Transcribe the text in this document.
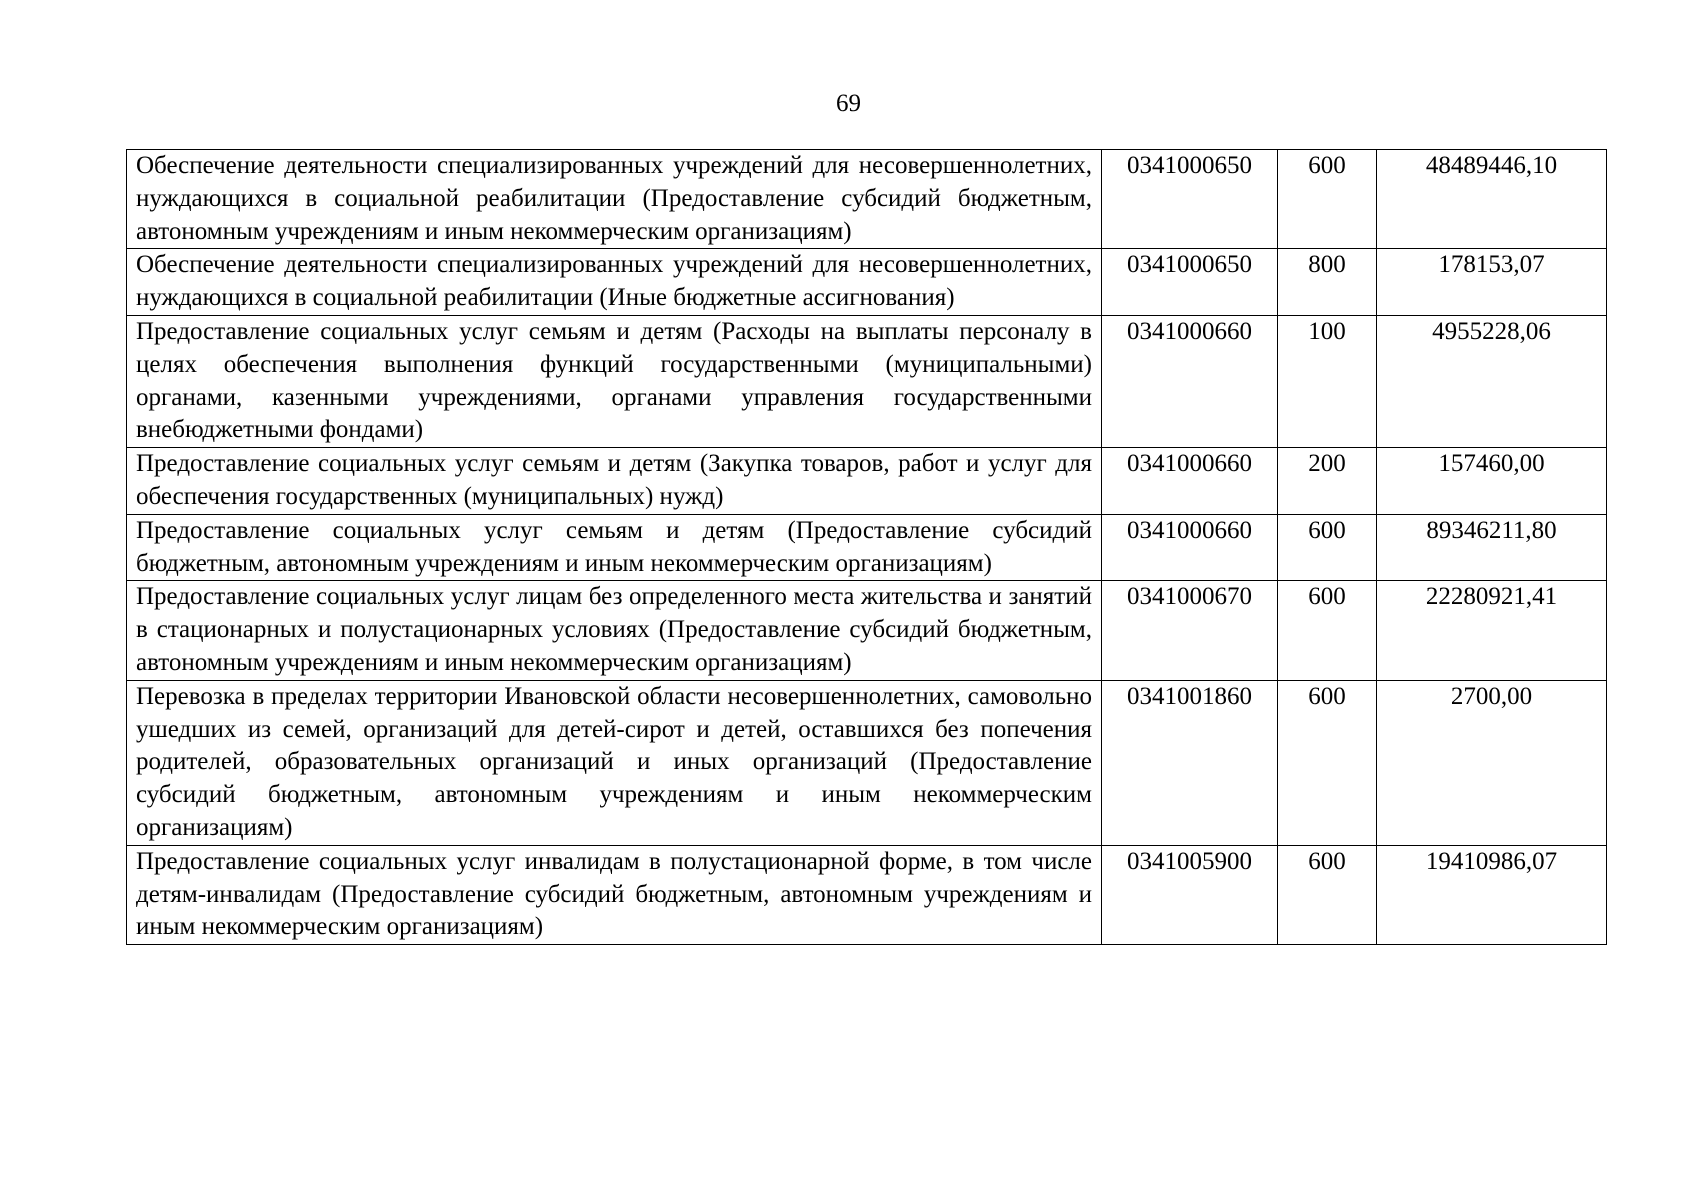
69
Обеспечение деятельности специализированных учреждений для несовершеннолетних, нуждающихся в социальной реабилитации (Предоставление субсидий бюджетным, автономным учреждениям и иным некоммерческим организациям)	0341000650	600	48489446,10
Обеспечение деятельности специализированных учреждений для несовершеннолетних, нуждающихся в социальной реабилитации (Иные бюджетные ассигнования)	0341000650	800	178153,07
Предоставление социальных услуг семьям и детям (Расходы на выплаты персоналу в целях обеспечения выполнения функций государственными (муниципальными) органами, казенными учреждениями, органами управления государственными внебюджетными фондами)	0341000660	100	4955228,06
Предоставление социальных услуг семьям и детям (Закупка товаров, работ и услуг для обеспечения государственных (муниципальных) нужд)	0341000660	200	157460,00
Предоставление социальных услуг семьям и детям (Предоставление субсидий бюджетным, автономным учреждениям и иным некоммерческим организациям)	0341000660	600	89346211,80
Предоставление социальных услуг лицам без определенного места жительства и занятий в стационарных и полустационарных условиях (Предоставление субсидий бюджетным, автономным учреждениям и иным некоммерческим организациям)	0341000670	600	22280921,41
Перевозка в пределах территории Ивановской области несовершеннолетних, самовольно ушедших из семей, организаций для детей-сирот и детей, оставшихся без попечения родителей, образовательных организаций и иных организаций (Предоставление субсидий бюджетным, автономным учреждениям и иным некоммерческим организациям)	0341001860	600	2700,00
Предоставление социальных услуг инвалидам в полустационарной форме, в том числе детям-инвалидам (Предоставление субсидий бюджетным, автономным учреждениям и иным некоммерческим организациям)	0341005900	600	19410986,07
